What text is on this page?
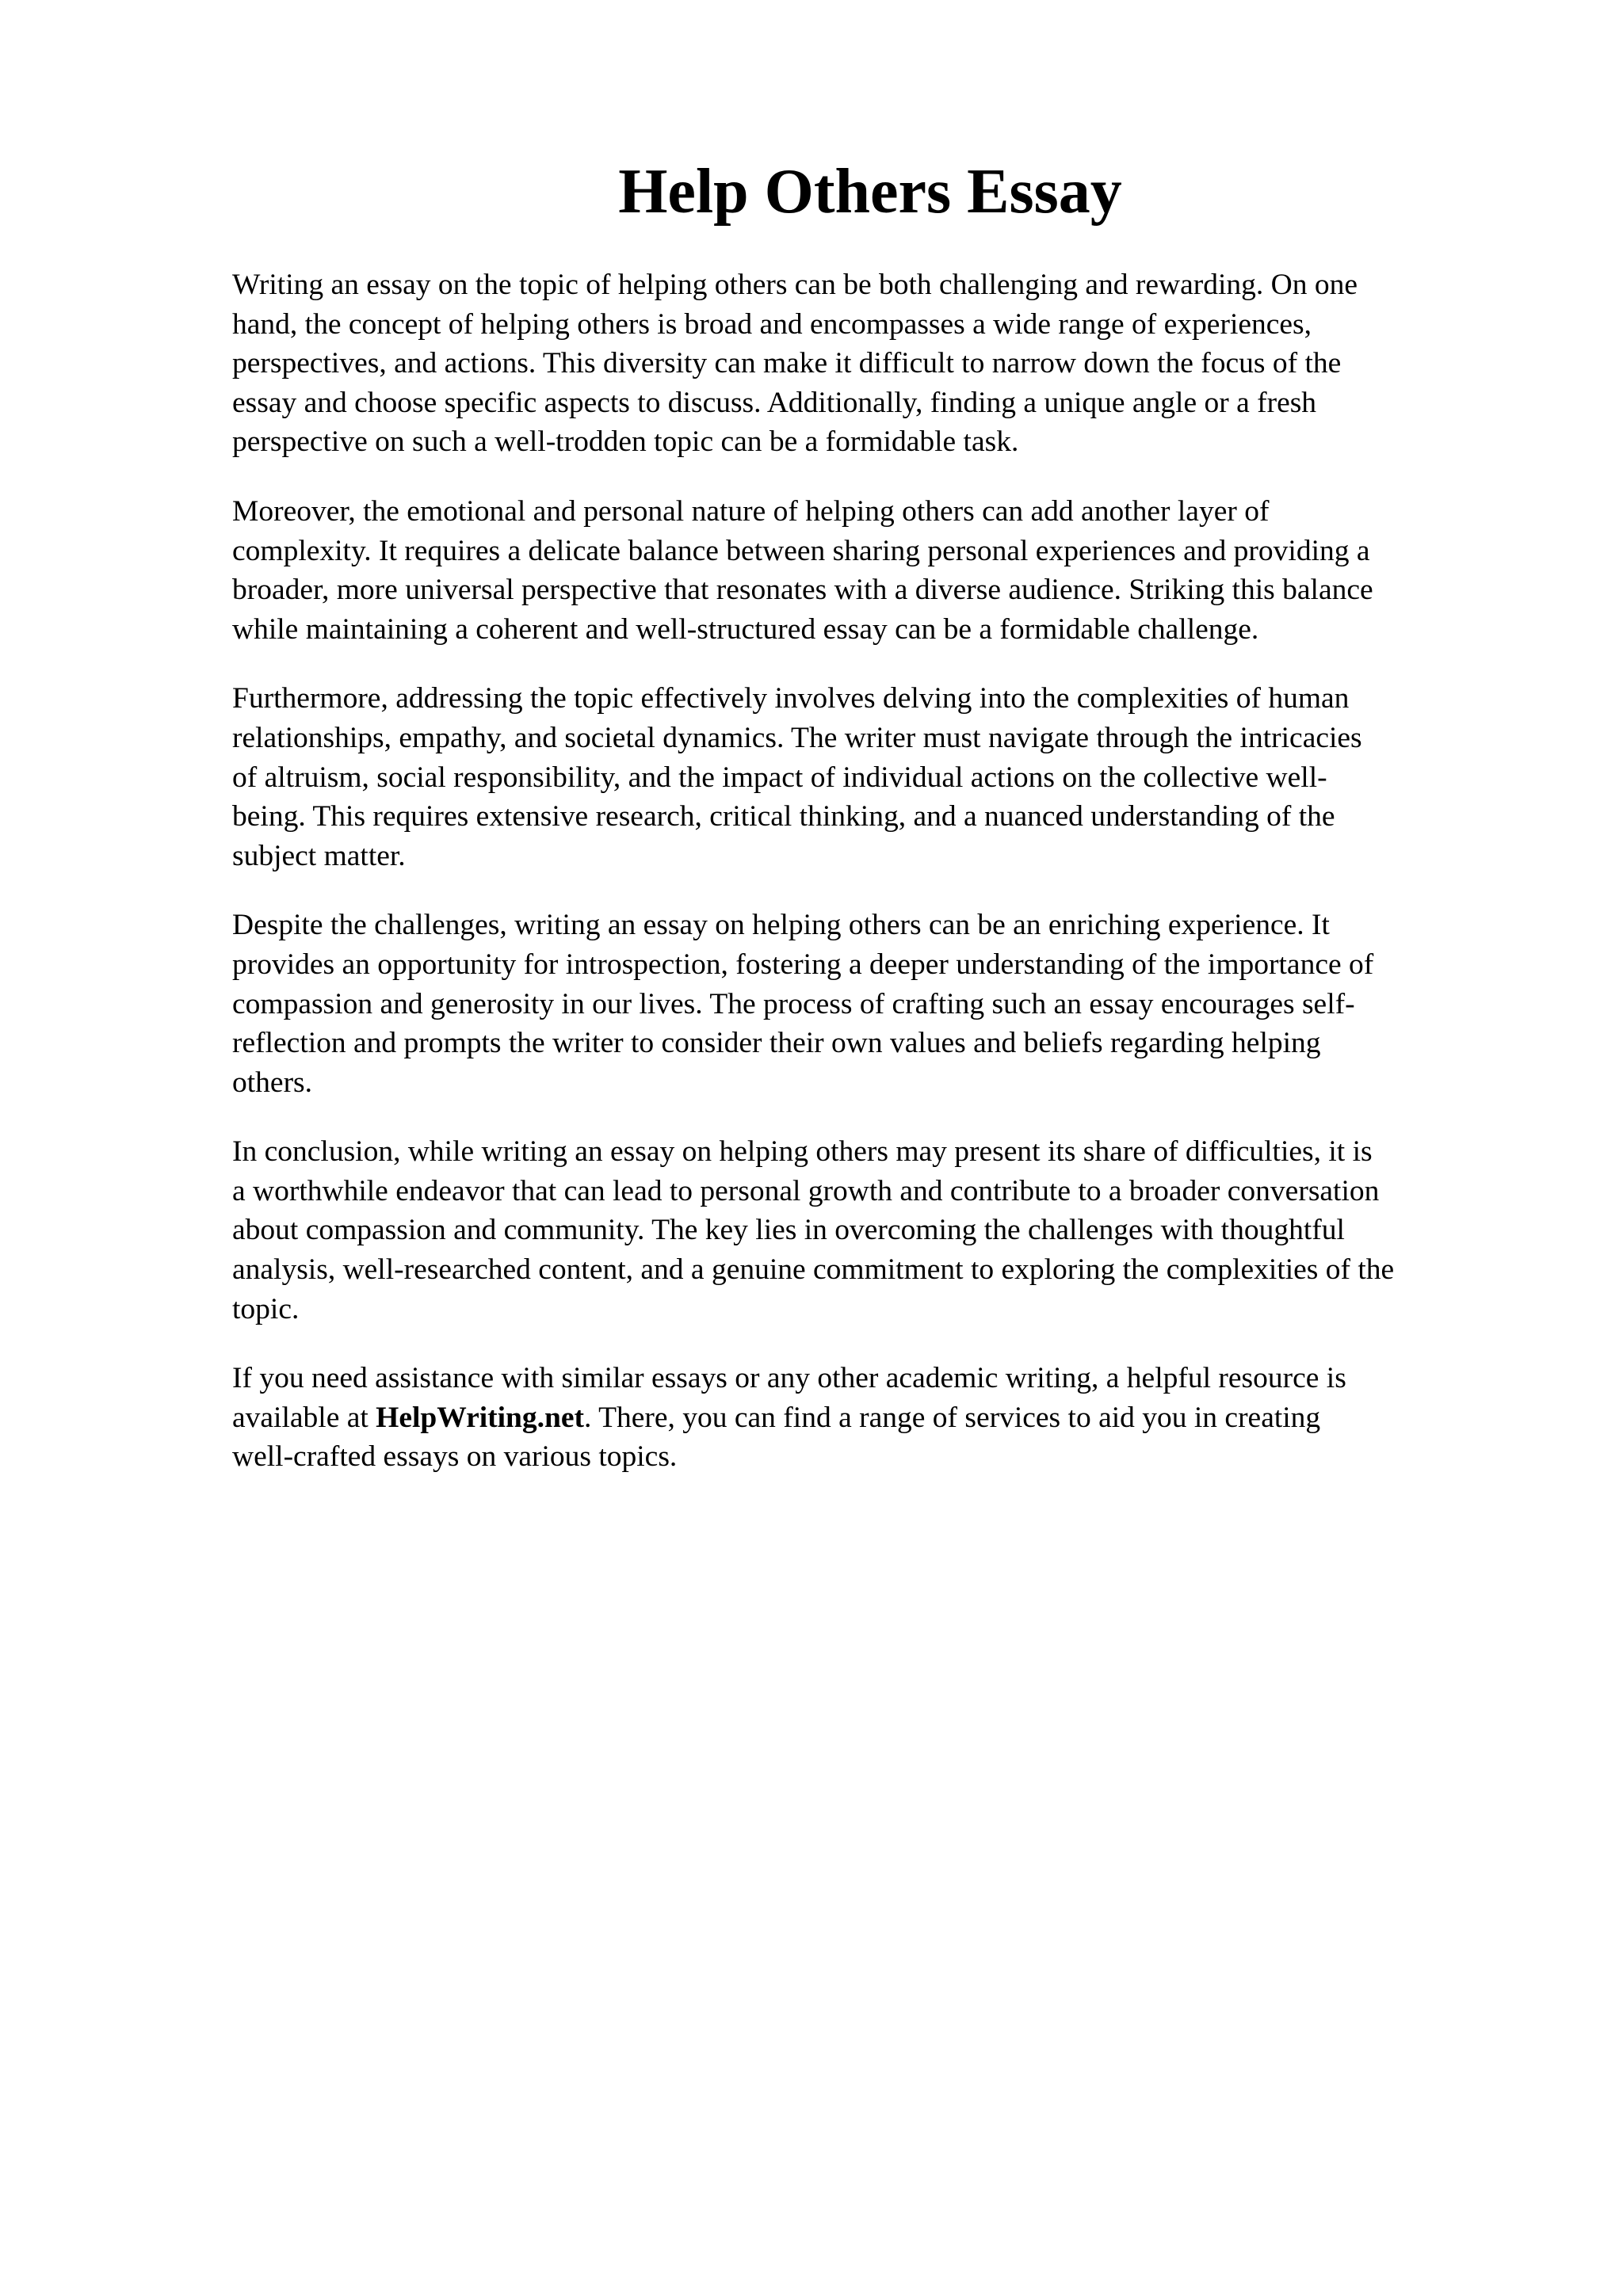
Help Others Essay

Writing an essay on the topic of helping others can be both challenging and rewarding. On one
hand, the concept of helping others is broad and encompasses a wide range of experiences,
perspectives, and actions. This diversity can make it difficult to narrow down the focus of the
essay and choose specific aspects to discuss. Additionally, finding a unique angle or a fresh
perspective on such a well-trodden topic can be a formidable task.

Moreover, the emotional and personal nature of helping others can add another layer of
complexity. It requires a delicate balance between sharing personal experiences and providing a
broader, more universal perspective that resonates with a diverse audience. Striking this balance
while maintaining a coherent and well-structured essay can be a formidable challenge.

Furthermore, addressing the topic effectively involves delving into the complexities of human
relationships, empathy, and societal dynamics. The writer must navigate through the intricacies
of altruism, social responsibility, and the impact of individual actions on the collective well-
being. This requires extensive research, critical thinking, and a nuanced understanding of the
subject matter.

Despite the challenges, writing an essay on helping others can be an enriching experience. It
provides an opportunity for introspection, fostering a deeper understanding of the importance of
compassion and generosity in our lives. The process of crafting such an essay encourages self-
reflection and prompts the writer to consider their own values and beliefs regarding helping
others.

In conclusion, while writing an essay on helping others may present its share of difficulties, it is
a worthwhile endeavor that can lead to personal growth and contribute to a broader conversation
about compassion and community. The key lies in overcoming the challenges with thoughtful
analysis, well-researched content, and a genuine commitment to exploring the complexities of the
topic.

If you need assistance with similar essays or any other academic writing, a helpful resource is
available at HelpWriting.net. There, you can find a range of services to aid you in creating
well-crafted essays on various topics.
